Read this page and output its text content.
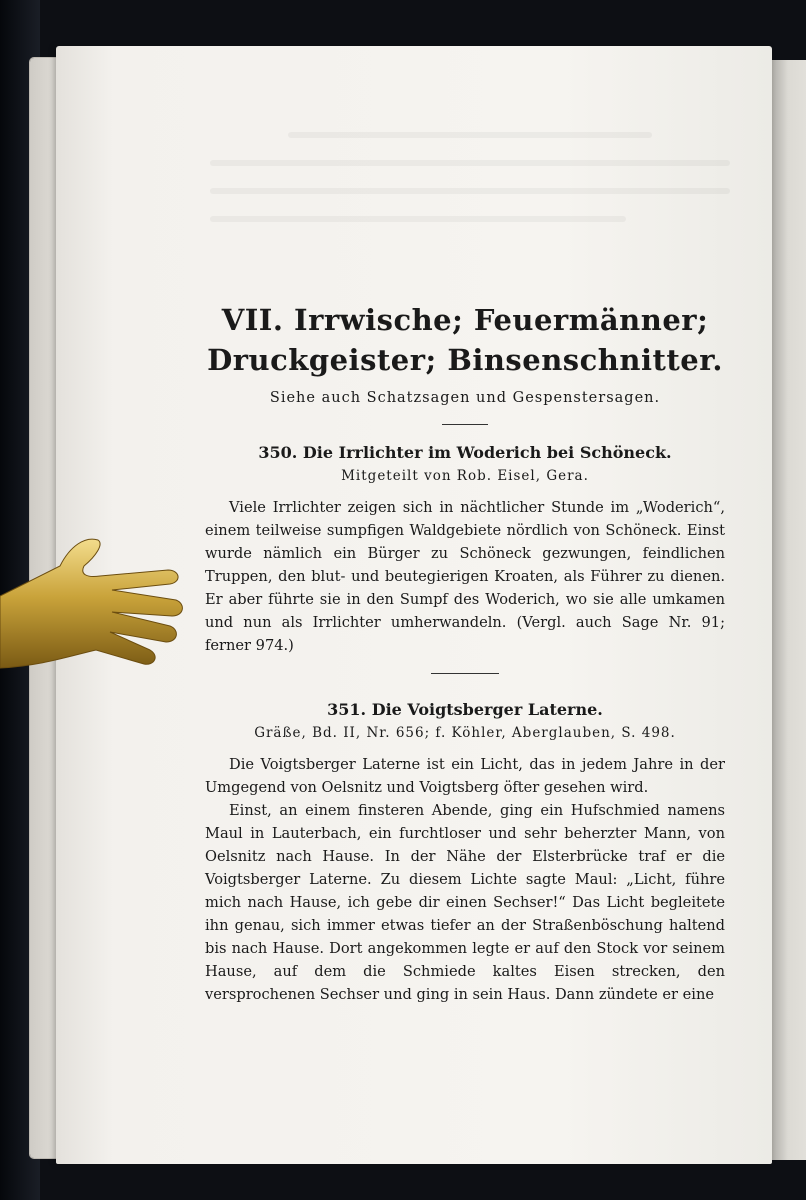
VII. Irrwische; Feuermänner;
Druckgeister; Binsenschnitter.
Siehe auch Schatzsagen und Gespenstersagen.
350. Die Irrlichter im Woderich bei Schöneck.
Mitgeteilt von Rob. Eisel, Gera.

Viele Irrlichter zeigen sich in nächtlicher Stunde im „Woderich“, einem teilweise sumpfigen Waldgebiete nördlich von Schöneck. Einst wurde nämlich ein Bürger zu Schöneck gezwungen, feindlichen Truppen, den blut- und beutegierigen Kroaten, als Führer zu dienen. Er aber führte sie in den Sumpf des Woderich, wo sie alle umkamen und nun als Irrlichter umherwandeln. (Vergl. auch Sage Nr. 91; ferner 974.)

351. Die Voigtsberger Laterne.
Gräße, Bd. II, Nr. 656; f. Köhler, Aberglauben, S. 498.

Die Voigtsberger Laterne ist ein Licht, das in jedem Jahre in der Umgegend von Oelsnitz und Voigtsberg öfter gesehen wird.

Einst, an einem finsteren Abende, ging ein Hufschmied namens Maul in Lauterbach, ein furchtloser und sehr beherzter Mann, von Oelsnitz nach Hause. In der Nähe der Elsterbrücke traf er die Voigtsberger Laterne. Zu diesem Lichte sagte Maul: „Licht, führe mich nach Hause, ich gebe dir einen Sechser!“ Das Licht begleitete ihn genau, sich immer etwas tiefer an der Straßenböschung haltend bis nach Hause. Dort angekommen legte er auf den Stock vor seinem Hause, auf dem die Schmiede kaltes Eisen strecken, den versprochenen Sechser und ging in sein Haus. Dann zündete er eine
